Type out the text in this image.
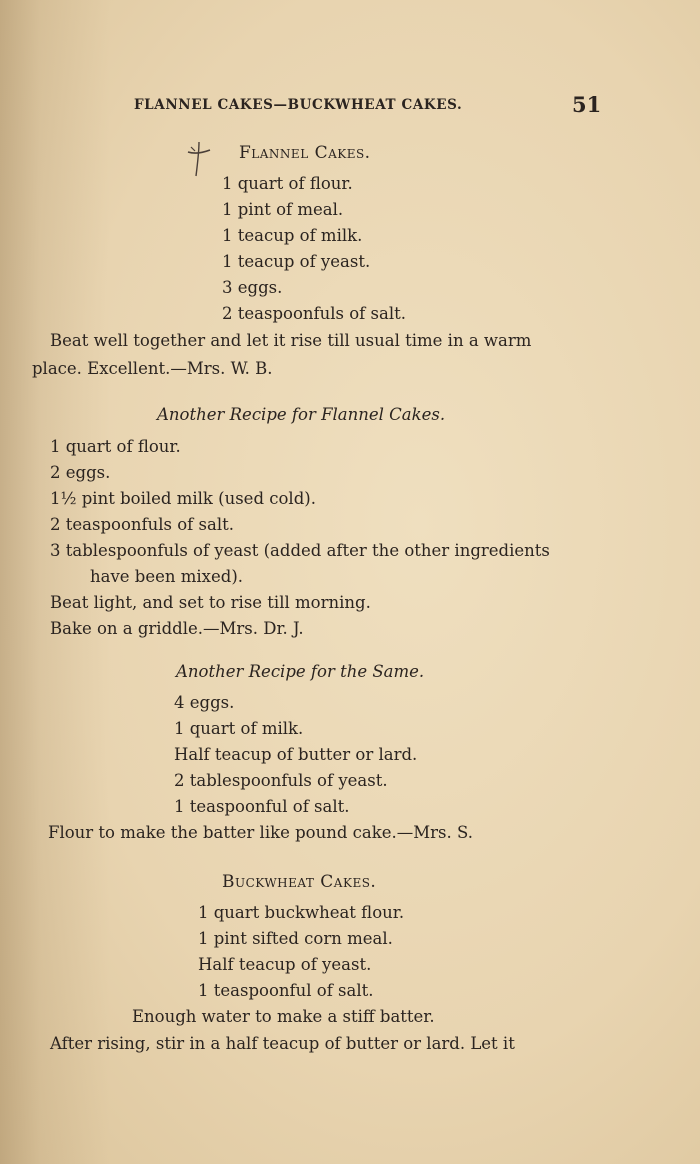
FLANNEL CAKES—BUCKWHEAT CAKES.	51
Flannel Cakes.
1 quart of flour.
1 pint of meal.
1 teacup of milk.
1 teacup of yeast.
3 eggs.
2 teaspoonfuls of salt.
Beat well together and let it rise till usual time in a warm
place. Excellent.—Mrs. W. B.
Another Recipe for Flannel Cakes.
1 quart of flour.
2 eggs.
1½ pint boiled milk (used cold).
2 teaspoonfuls of salt.
3 tablespoonfuls of yeast (added after the other ingredients
have been mixed).
Beat light, and set to rise till morning.
Bake on a griddle.—Mrs. Dr. J.
Another Recipe for the Same.
4 eggs.
1 quart of milk.
Half teacup of butter or lard.
2 tablespoonfuls of yeast.
1 teaspoonful of salt.
Flour to make the batter like pound cake.—Mrs. S.
Buckwheat Cakes.
1 quart buckwheat flour.
1 pint sifted corn meal.
Half teacup of yeast.
1 teaspoonful of salt.
Enough water to make a stiff batter.
After rising, stir in a half teacup of butter or lard. Let it
